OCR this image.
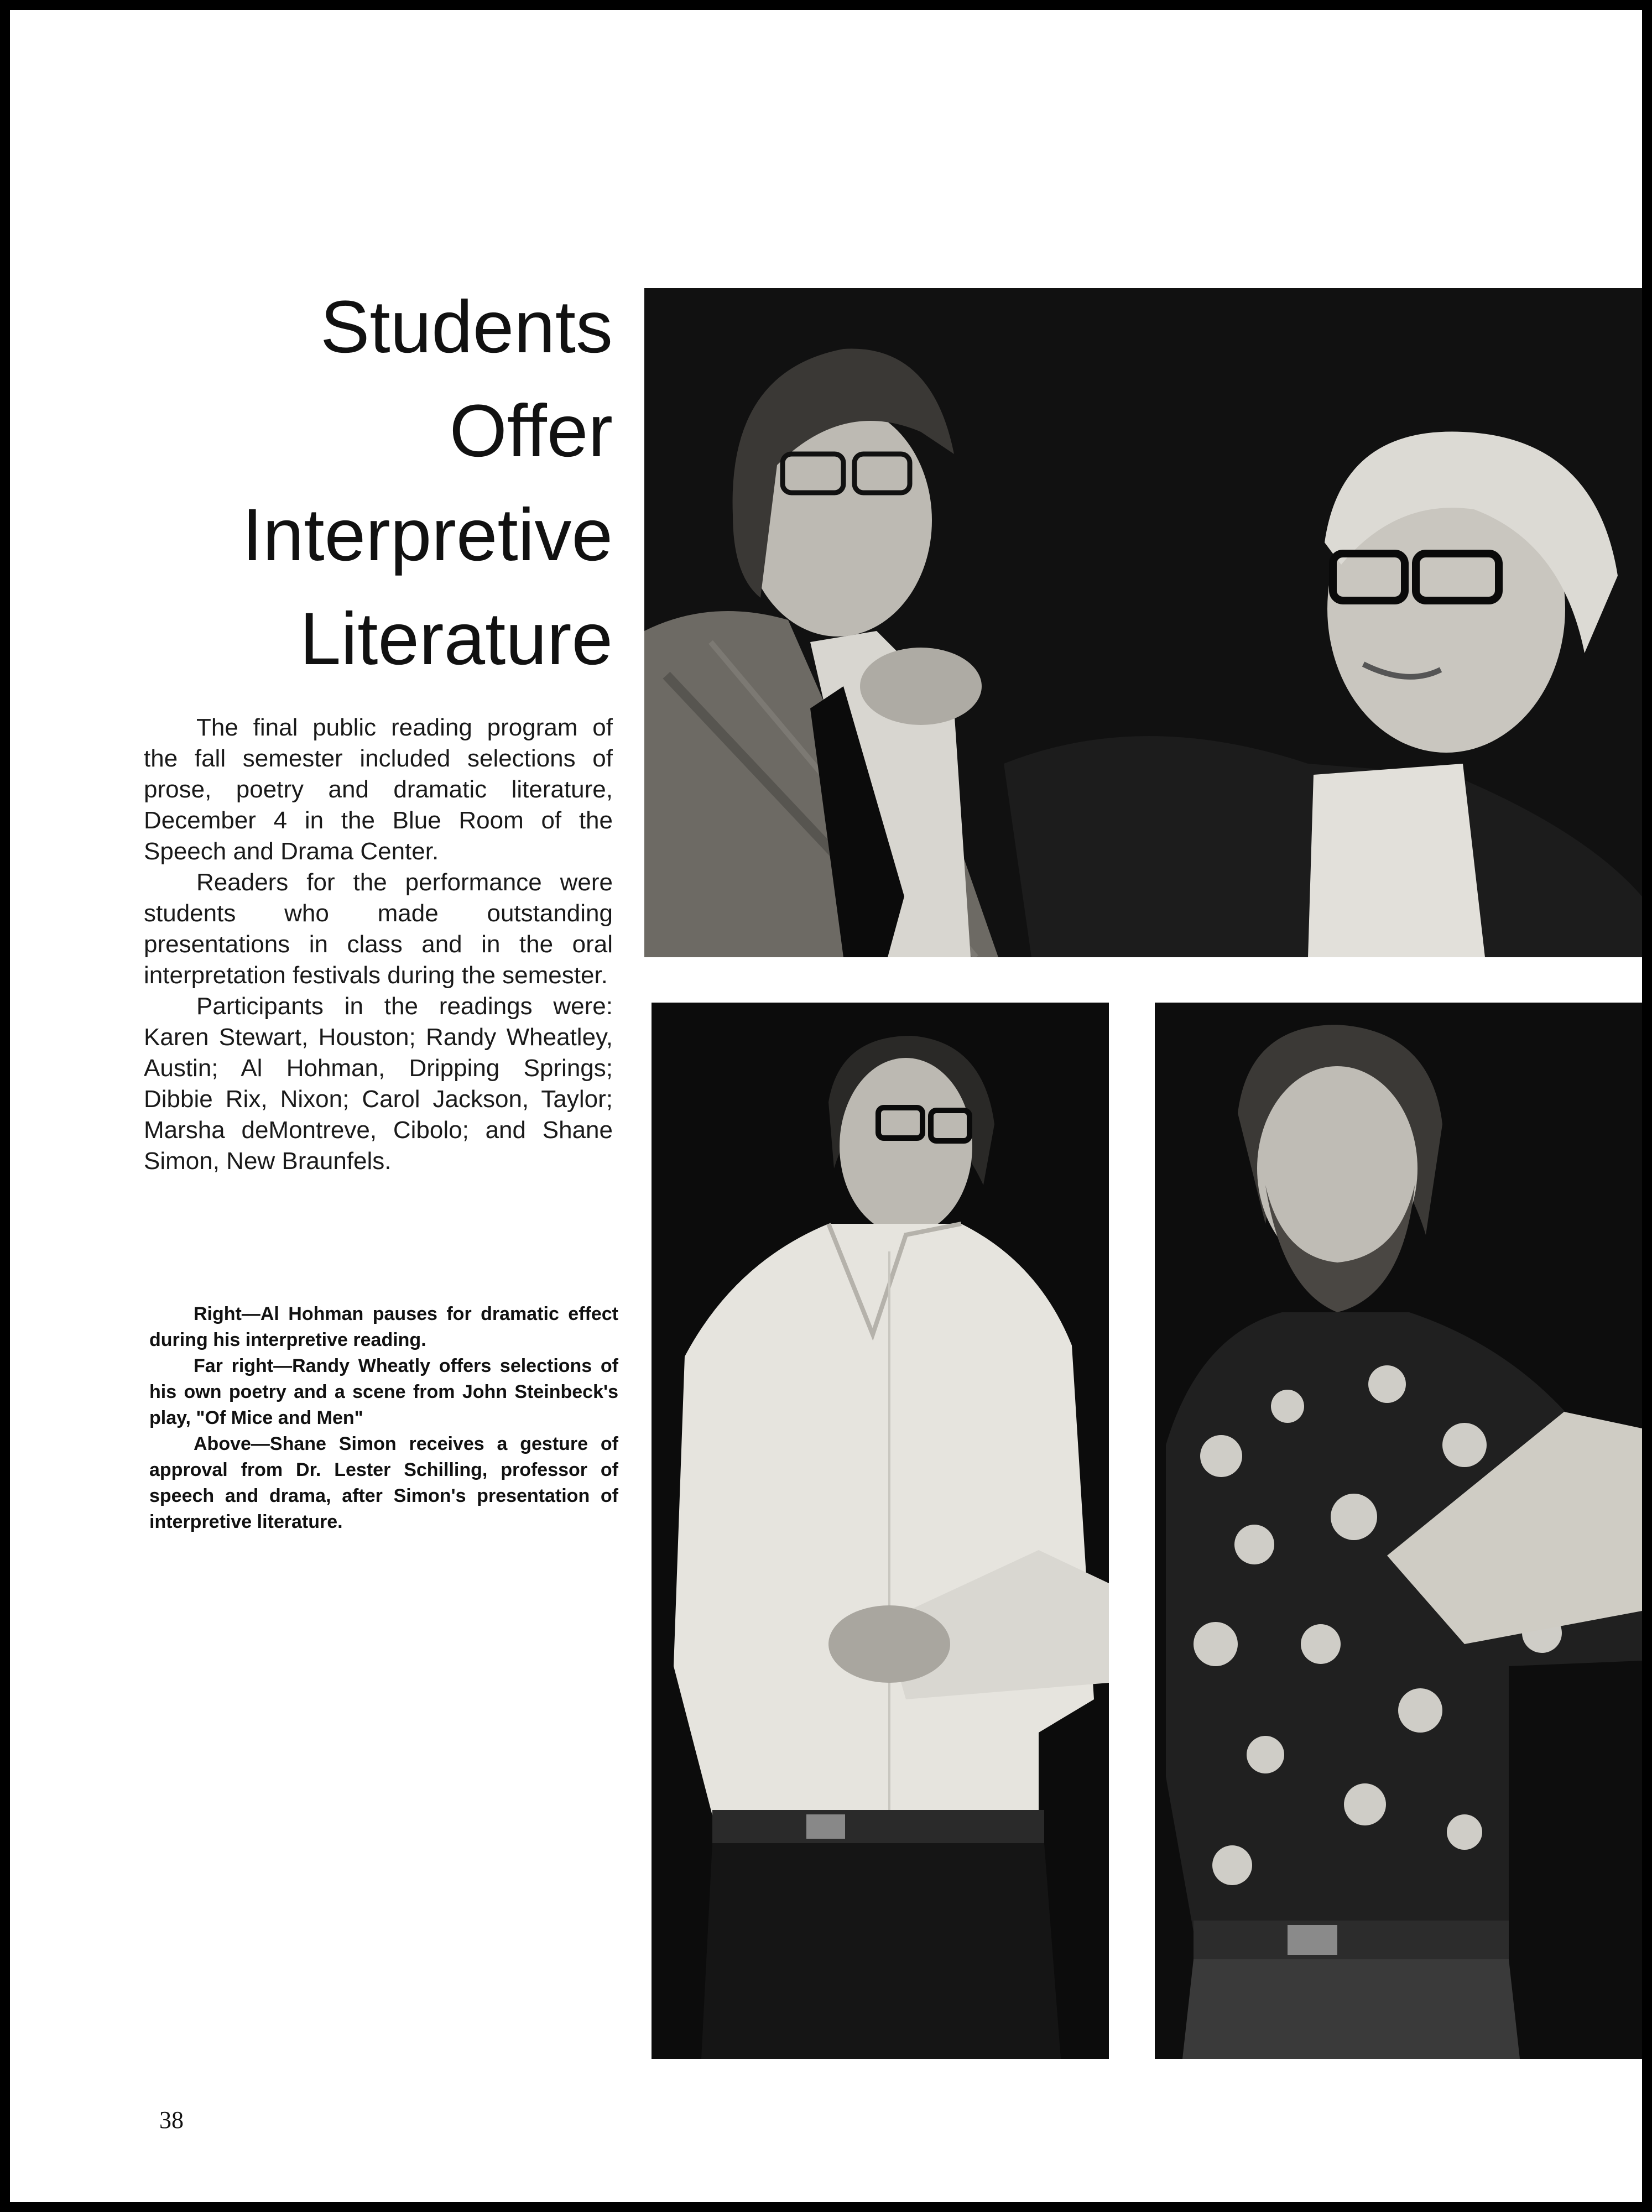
Students
Offer
Interpretive
Literature

The final public reading program of the fall semester included selections of prose, poetry and dramatic literature, December 4 in the Blue Room of the Speech and Drama Center.

Readers for the performance were students who made outstanding presentations in class and in the oral interpretation festivals during the semester.

Participants in the readings were: Karen Stewart, Houston; Randy Wheatley, Austin; Al Hohman, Dripping Springs; Dibbie Rix, Nixon; Carol Jackson, Taylor; Marsha deMontreve, Cibolo; and Shane Simon, New Braunfels.

Right—Al Hohman pauses for dramatic effect during his interpretive reading.

Far right—Randy Wheatly offers selections of his own poetry and a scene from John Steinbeck's play, "Of Mice and Men"

Above—Shane Simon receives a gesture of approval from Dr. Lester Schilling, professor of speech and drama, after Simon's presentation of interpretive literature.

38
